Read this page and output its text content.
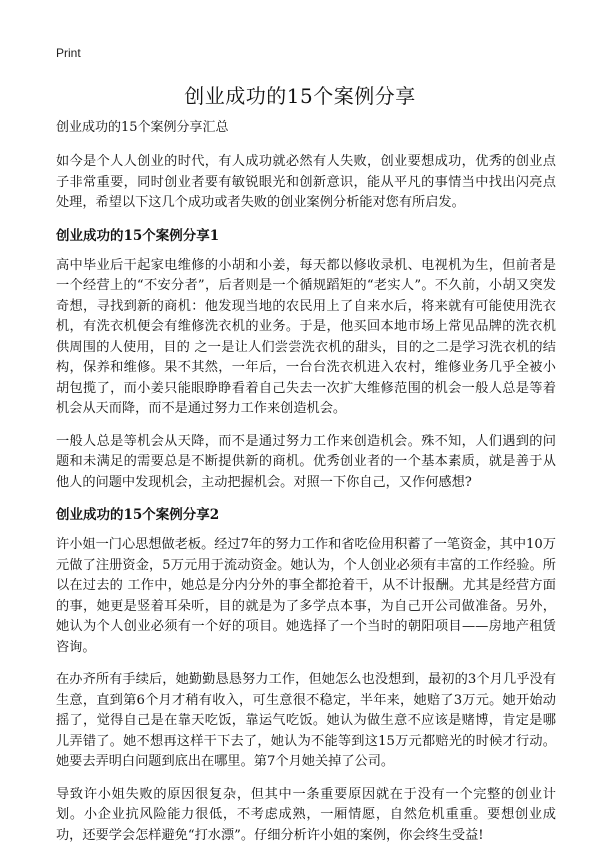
Print
创业成功的15个案例分享

创业成功的15个案例分享汇总

如今是个人人创业的时代，有人成功就必然有人失败，创业要想成功，优秀的创业点子非常重要，同时创业者要有敏锐眼光和创新意识，能从平凡的事情当中找出闪亮点处理，希望以下这几个成功或者失败的创业案例分析能对您有所启发。

创业成功的15个案例分享1

高中毕业后干起家电维修的小胡和小姜，每天都以修收录机、电视机为生，但前者是一个经营上的“不安分者”，后者则是一个循规蹈矩的“老实人”。不久前，小胡又突发奇想，寻找到新的商机：他发现当地的农民用上了自来水后，将来就有可能使用洗衣机，有洗衣机便会有维修洗衣机的业务。于是，他买回本地市场上常见品牌的洗衣机供周围的人使用，目的 之一是让人们尝尝洗衣机的甜头，目的之二是学习洗衣机的结构，保养和维修。果不其然，一年后，一台台洗衣机进入农村，维修业务几乎全被小胡包揽了，而小姜只能眼睁睁看着自己失去一次扩大维修范围的机会一般人总是等着机会从天而降，而不是通过努力工作来创造机会。

一般人总是等机会从天降，而不是通过努力工作来创造机会。殊不知，人们遇到的问题和未满足的需要总是不断提供新的商机。优秀创业者的一个基本素质，就是善于从他人的问题中发现机会，主动把握机会。对照一下你自己，又作何感想?

创业成功的15个案例分享2

许小姐一门心思想做老板。经过7年的努力工作和省吃俭用积蓄了一笔资金，其中10万元做了注册资金，5万元用于流动资金。她认为，个人创业必须有丰富的工作经验。所以在过去的 工作中，她总是分内分外的事全都抢着干，从不计报酬。尤其是经营方面的事，她更是竖着耳朵听，目的就是为了多学点本事，为自己开公司做准备。另外，她认为个人创业必须有一个好的项目。她选择了一个当时的朝阳项目——房地产租赁咨询。

在办齐所有手续后，她勤勤恳恳努力工作，但她怎么也没想到，最初的3个月几乎没有生意，直到第6个月才稍有收入，可生意很不稳定，半年来，她赔了3万元。她开始动摇了，觉得自己是在靠天吃饭，靠运气吃饭。她认为做生意不应该是赌博，肯定是哪儿弄错了。她不想再这样干下去了，她认为不能等到这15万元都赔光的时候才行动。她要去弄明白问题到底出在哪里。第7个月她关掉了公司。

导致许小姐失败的原因很复杂，但其中一条重要原因就在于没有一个完整的创业计划。小企业抗风险能力很低，不考虑成熟，一厢情愿，自然危机重重。要想创业成功，还要学会怎样避免“打水漂”。仔细分析许小姐的案例，你会终生受益!
